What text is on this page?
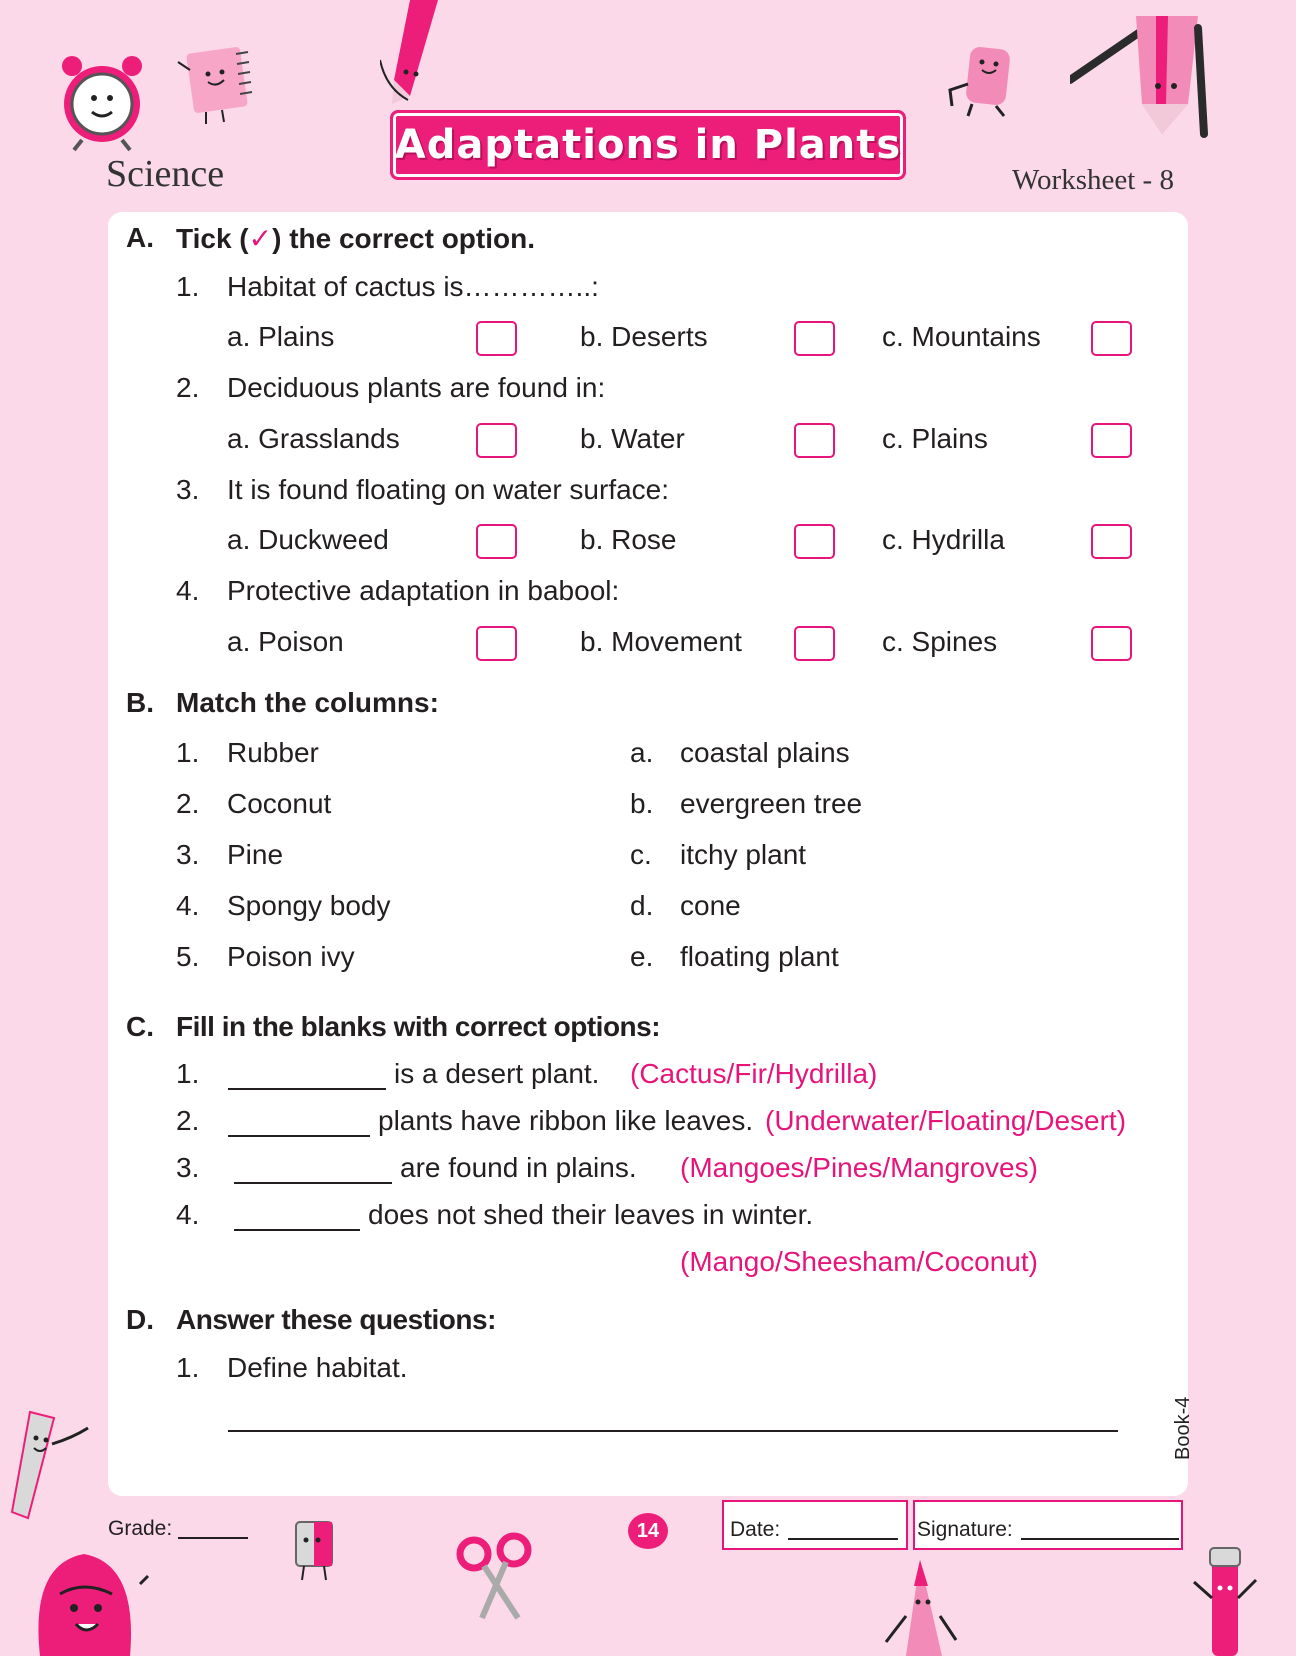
Science
Adaptations in Plants
Worksheet - 8
A. Tick (✓) the correct option.
1. Habitat of cactus is…………..:
a. Plains	b. Deserts	c. Mountains
2. Deciduous plants are found in:
a. Grasslands	b. Water	c. Plains
3. It is found floating on water surface:
a. Duckweed	b. Rose	c. Hydrilla
4. Protective adaptation in babool:
a. Poison	b. Movement	c. Spines
B. Match the columns:
1. Rubber	a. coastal plains
2. Coconut	b. evergreen tree
3. Pine	c. itchy plant
4. Spongy body	d. cone
5. Poison ivy	e. floating plant
C. Fill in the blanks with correct options:
1.	is a desert plant. (Cactus/Fir/Hydrilla)
2.	plants have ribbon like leaves. (Underwater/Floating/Desert)
3.	are found in plains. (Mangoes/Pines/Mangroves)
4.	does not shed their leaves in winter.
(Mango/Sheesham/Coconut)
D. Answer these questions:
1. Define habitat.
Book-4
Grade:	14	Date:	Signature:
